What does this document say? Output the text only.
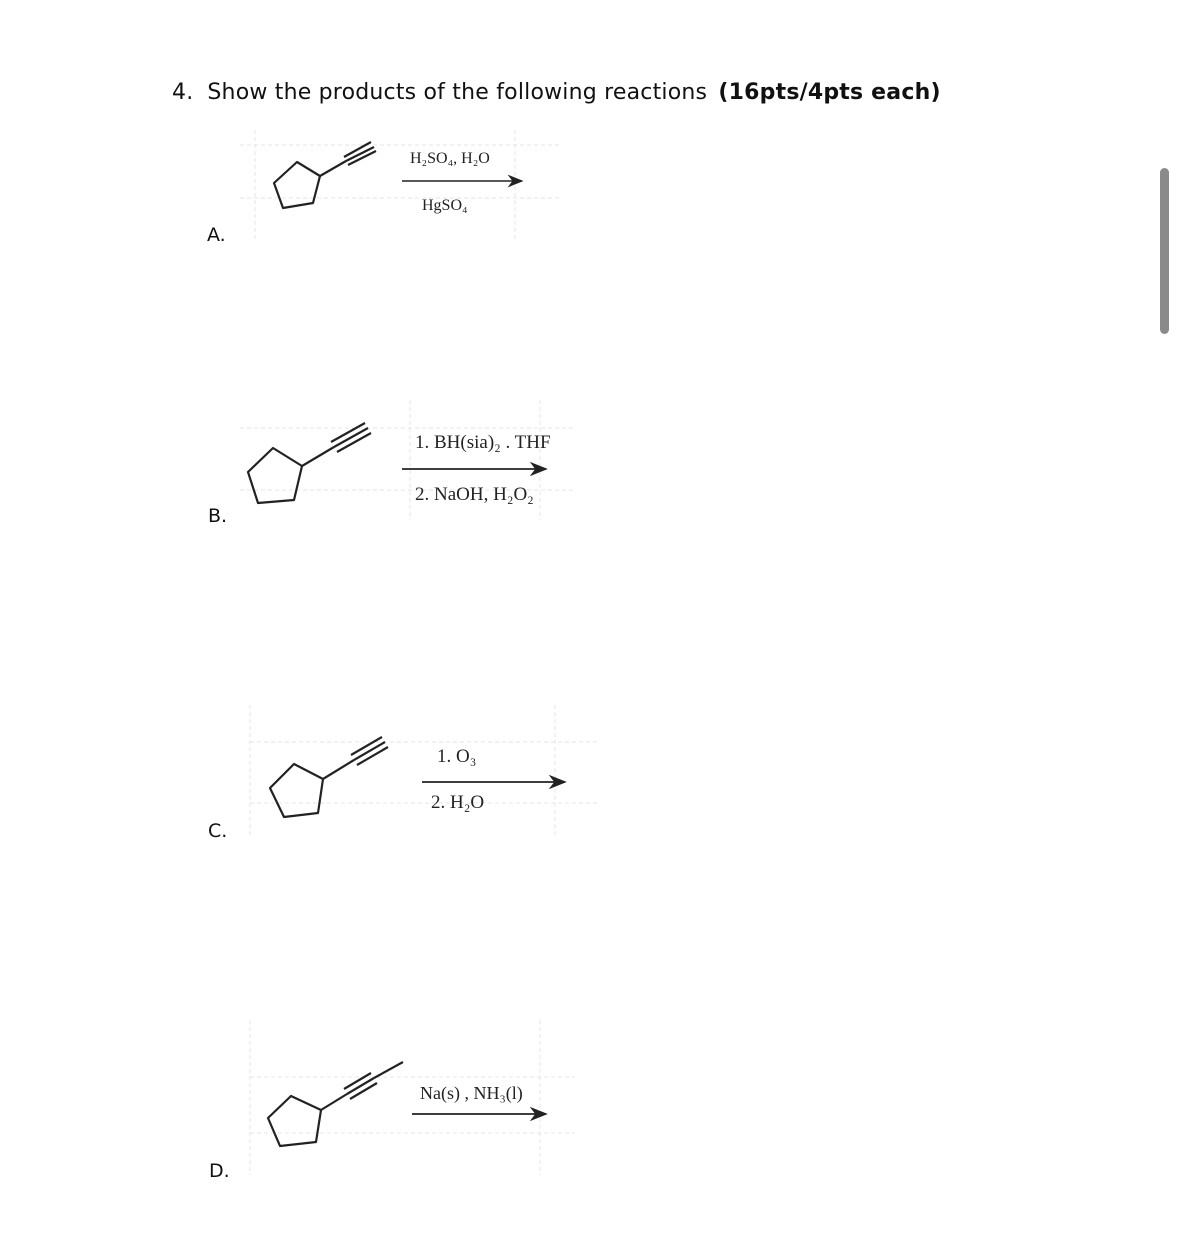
4. Show the products of the following reactions (16pts/4pts each)
A.
B.
C.
D.
H₂SO₄, H₂O
HgSO₄
1. BH(sia)₂ . THF
2. NaOH, H₂O₂
1. O₃
2. H₂O
Na(s) , NH₃(l)
